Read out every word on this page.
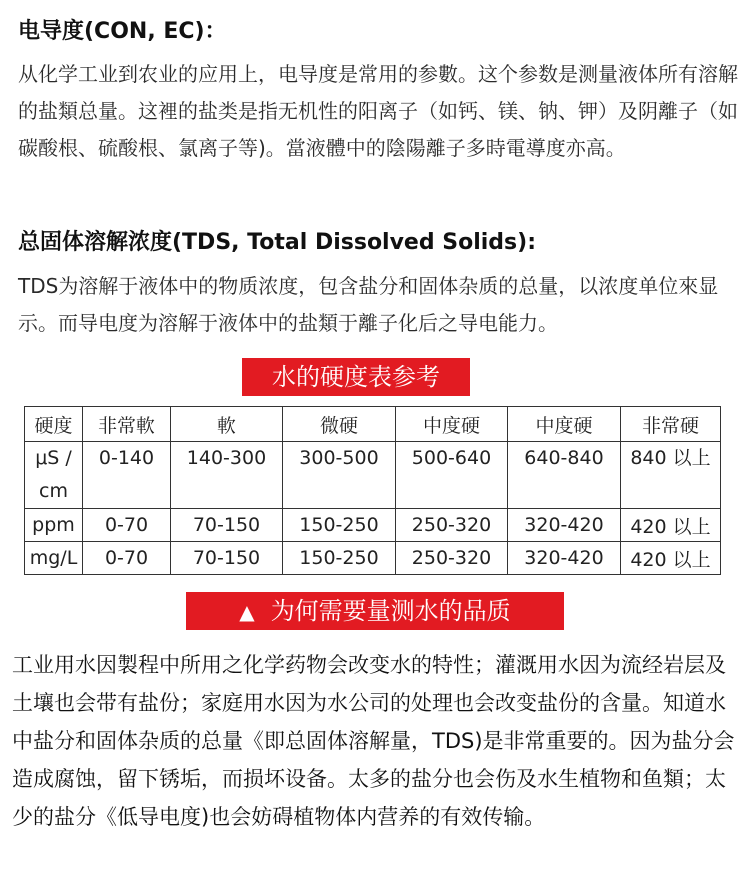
电导度(CON, EC)：

从化学工业到农业的应用上，电导度是常用的参數。这个参数是测量液体所有溶解的盐類总量。这裡的盐类是指无机性的阳离子（如钙、镁、钠、钾）及阴離子（如碳酸根、硫酸根、氯离子等)。當液體中的陰陽離子多時電導度亦高。

总固体溶解浓度(TDS, Total Dissolved Solids):

TDS为溶解于液体中的物质浓度，包含盐分和固体杂质的总量，以浓度单位來显示。而导电度为溶解于液体中的盐類于離子化后之导电能力。

水的硬度表参考
硬度	非常軟	軟	微硬	中度硬	中度硬	非常硬
μS / cm	0-140	140-300	300-500	500-640	640-840	840 以上
ppm	0-70	70-150	150-250	250-320	320-420	420 以上
mg/L	0-70	70-150	150-250	250-320	320-420	420 以上
▲ 为何需要量测水的品质

工业用水因製程中所用之化学药物会改变水的特性；灌溉用水因为流经岩层及土壤也会带有盐份；家庭用水因为水公司的处理也会改变盐份的含量。知道水中盐分和固体杂质的总量《即总固体溶解量，TDS)是非常重要的。因为盐分会造成腐蚀，留下锈垢，而损坏设备。太多的盐分也会伤及水生植物和鱼類；太少的盐分《低导电度)也会妨碍植物体内营养的有效传输。
